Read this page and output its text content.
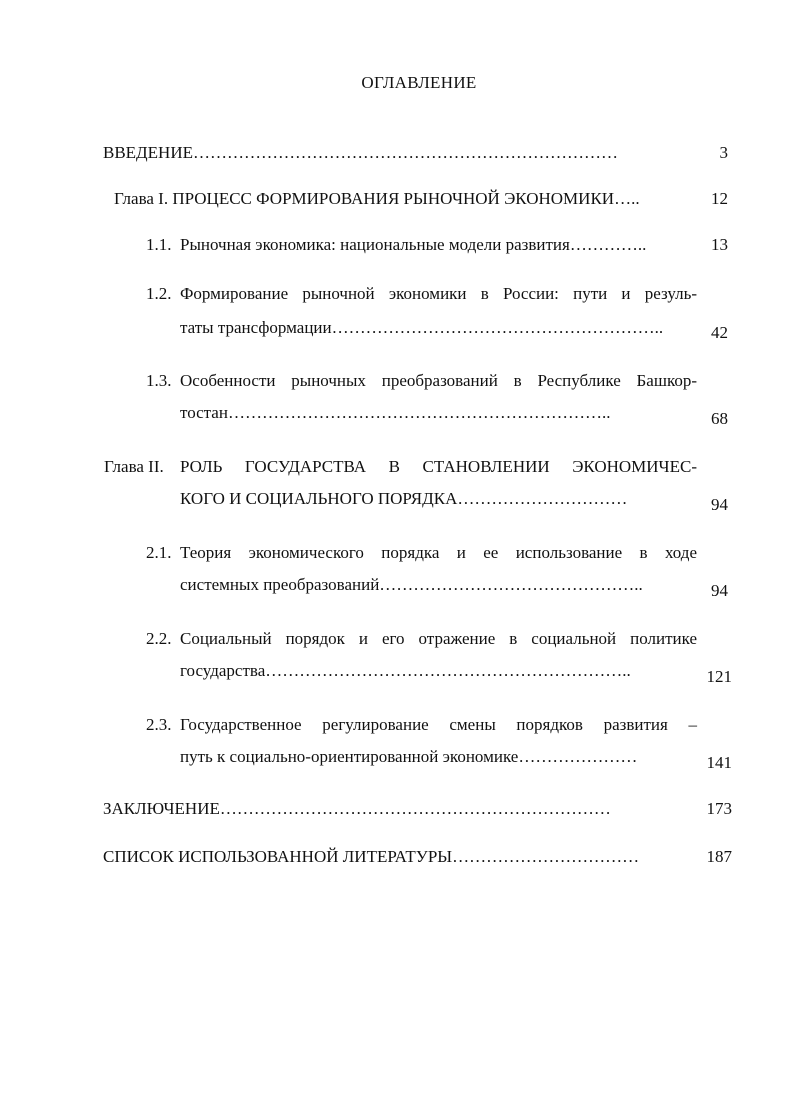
ОГЛАВЛЕНИЕ
ВВЕДЕНИЕ…………………………………………………………………	3
Глава I. ПРОЦЕСС ФОРМИРОВАНИЯ РЫНОЧНОЙ ЭКОНОМИКИ…..	12
1.1. Рыночная экономика: национальные модели развития…………..	13
1.2. Формирование рыночной экономики в России: пути и резуль-
таты трансформации…………………………………………………..	42
1.3. Особенности рыночных преобразований в Республике Башкор-
тостан…………………………………………………………..	68
Глава II. РОЛЬ ГОСУДАРСТВА В СТАНОВЛЕНИИ ЭКОНОМИЧЕС-
КОГО И СОЦИАЛЬНОГО ПОРЯДКА…………………………	94
2.1. Теория экономического порядка и ее использование в ходе
системных преобразований………………………………………..	94
2.2. Социальный порядок и его отражение в социальной политике
государства………………………………………………………..	121
2.3. Государственное регулирование смены порядков развития –
путь к социально-ориентированной экономике…………………	141
ЗАКЛЮЧЕНИЕ……………………………………………………………	173
СПИСОК ИСПОЛЬЗОВАННОЙ ЛИТЕРАТУРЫ……………………………	187
